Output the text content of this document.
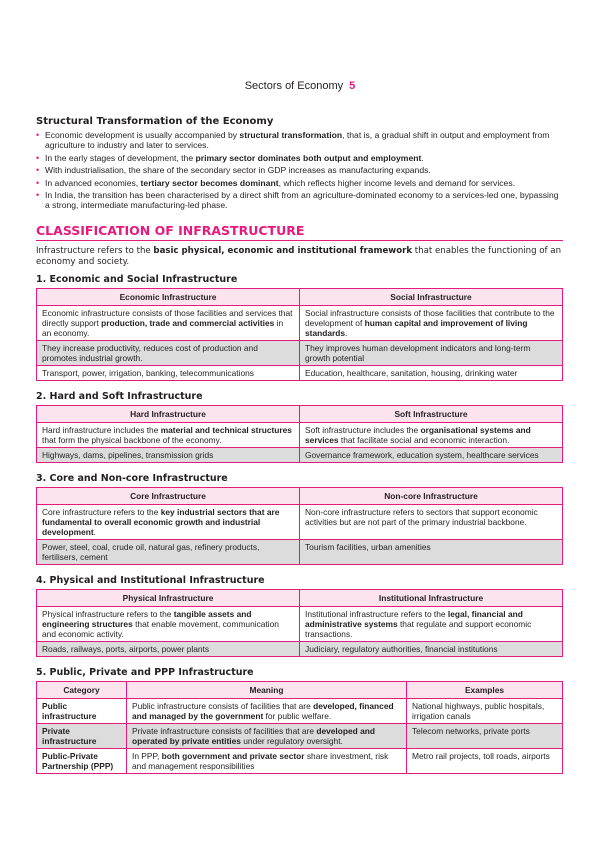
Sectors of Economy 5
Structural Transformation of the Economy
• Economic development is usually accompanied by structural transformation, that is, a gradual shift in output and employment from agriculture to industry and later to services.
• In the early stages of development, the primary sector dominates both output and employment.
• With industrialisation, the share of the secondary sector in GDP increases as manufacturing expands.
• In advanced economies, tertiary sector becomes dominant, which reflects higher income levels and demand for services.
• In India, the transition has been characterised by a direct shift from an agriculture-dominated economy to a services-led one, bypassing a strong, intermediate manufacturing-led phase.
CLASSIFICATION OF INFRASTRUCTURE

Infrastructure refers to the basic physical, economic and institutional framework that enables the functioning of an economy and society.

1. Economic and Social Infrastructure
Economic Infrastructure	Social Infrastructure
Economic infrastructure consists of those facilities and services that directly support production, trade and commercial activities in an economy.	Social infrastructure consists of those facilities that contribute to the development of human capital and improvement of living standards.
They increase productivity, reduces cost of production and promotes industrial growth.	They improves human development indicators and long-term growth potential
Transport, power, irrigation, banking, telecommunications	Education, healthcare, sanitation, housing, drinking water
2. Hard and Soft Infrastructure
Hard Infrastructure	Soft Infrastructure
Hard infrastructure includes the material and technical structures that form the physical backbone of the economy.	Soft infrastructure includes the organisational systems and services that facilitate social and economic interaction.
Highways, dams, pipelines, transmission grids	Governance framework, education system, healthcare services
3. Core and Non-core Infrastructure
Core Infrastructure	Non-core Infrastructure
Core infrastructure refers to the key industrial sectors that are fundamental to overall economic growth and industrial development.	Non-core infrastructure refers to sectors that support economic activities but are not part of the primary industrial backbone.
Power, steel, coal, crude oil, natural gas, refinery products, fertilisers, cement	Tourism facilities, urban amenities
4. Physical and Institutional Infrastructure
Physical Infrastructure	Institutional Infrastructure
Physical infrastructure refers to the tangible assets and engineering structures that enable movement, communication and economic activity.	Institutional infrastructure refers to the legal, financial and administrative systems that regulate and support economic transactions.
Roads, railways, ports, airports, power plants	Judiciary, regulatory authorities, financial institutions
5. Public, Private and PPP Infrastructure
Category	Meaning	Examples
Public infrastructure	Public infrastructure consists of facilities that are developed, financed and managed by the government for public welfare.	National highways, public hospitals, irrigation canals
Private infrastructure	Private infrastructure consists of facilities that are developed and operated by private entities under regulatory oversight.	Telecom networks, private ports
Public-Private Partnership (PPP)	In PPP, both government and private sector share investment, risk and management responsibilities	Metro rail projects, toll roads, airports
